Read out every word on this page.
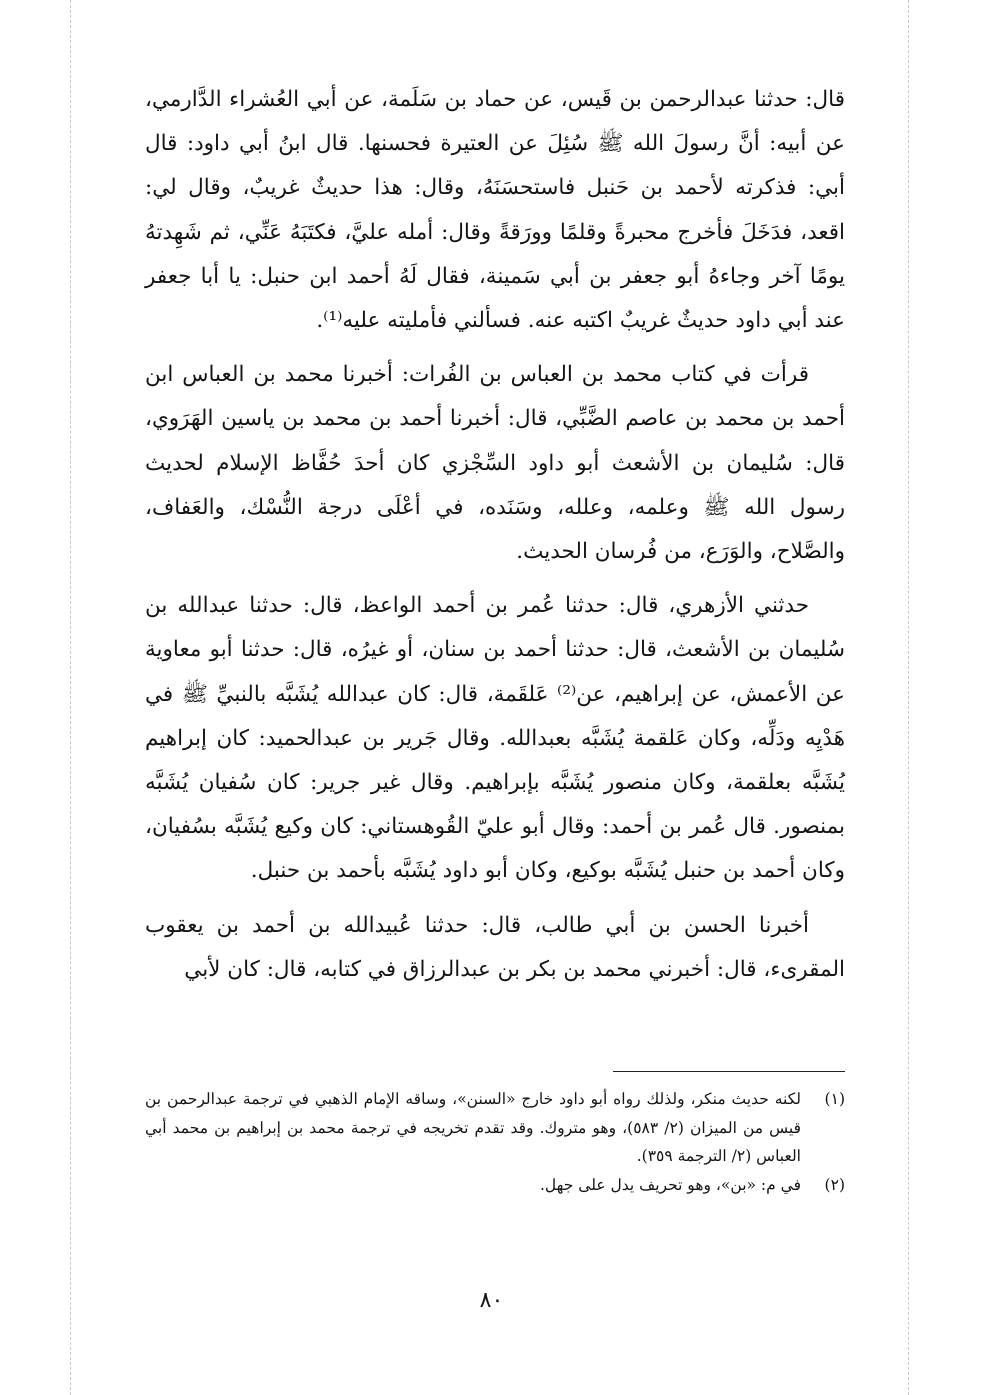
قال: حدثنا عبدالرحمن بن قَيس، عن حماد بن سَلَمة، عن أبي العُشراء الدَّارمي، عن أبيه: أنَّ رسولَ الله ﷺ سُئِلَ عن العتيرة فحسنها. قال ابنُ أبي داود: قال أبي: فذكرته لأحمد بن حَنبل فاستحسَنَهُ، وقال: هذا حديثٌ غريبٌ، وقال لي: اقعد، فدَخَلَ فأخرج محبرةً وقلمًا وورَقةً وقال: أمله عليَّ، فكتَبَهُ عَنِّي، ثم شَهِدتهُ يومًا آخر وجاءهُ أبو جعفر بن أبي سَمينة، فقال لَهُ أحمد ابن حنبل: يا أبا جعفر عند أبي داود حديثٌ غريبٌ اكتبه عنه. فسألني فأمليته عليه⁽¹⁾.

قرأت في كتاب محمد بن العباس بن الفُرات: أخبرنا محمد بن العباس ابن أحمد بن محمد بن عاصم الضَّبِّي، قال: أخبرنا أحمد بن محمد بن ياسين الهَرَوي، قال: سُليمان بن الأشعث أبو داود السِّجْزي كان أحدَ حُفَّاظ الإسلام لحديث رسول الله ﷺ وعلمه، وعلله، وسَنَده، في أعْلَى درجة النُّسْك، والعَفاف، والصَّلاح، والوَرَع، من فُرسان الحديث.

حدثني الأزهري، قال: حدثنا عُمر بن أحمد الواعظ، قال: حدثنا عبدالله بن سُليمان بن الأشعث، قال: حدثنا أحمد بن سنان، أو غيرُه، قال: حدثنا أبو معاوية عن الأعمش، عن إبراهيم، عن⁽²⁾ عَلقَمة، قال: كان عبدالله يُشَبَّه بالنبيِّ ﷺ في هَدْيِه ودَلِّه، وكان عَلقمة يُشَبَّه بعبدالله. وقال جَرير بن عبدالحميد: كان إبراهيم يُشَبَّه بعلقمة، وكان منصور يُشَبَّه بإبراهيم. وقال غير جرير: كان سُفيان يُشَبَّه بمنصور. قال عُمر بن أحمد: وقال أبو عليّ القُوهستاني: كان وكيع يُشَبَّه بسُفيان، وكان أحمد بن حنبل يُشَبَّه بوكيع، وكان أبو داود يُشَبَّه بأحمد بن حنبل.

أخبرنا الحسن بن أبي طالب، قال: حدثنا عُبيدالله بن أحمد بن يعقوب المقرىء، قال: أخبرني محمد بن بكر بن عبدالرزاق في كتابه، قال: كان لأبي

(١)
لكنه حديث منكر، ولذلك رواه أبو داود خارج «السنن»، وساقه الإمام الذهبي في ترجمة عبدالرحمن بن قيس من الميزان (٢/ ٥٨٣)، وهو متروك. وقد تقدم تخريجه في ترجمة محمد بن إبراهيم بن محمد أبي العباس (٢/ الترجمة ٣٥٩).
(٢)
في م: «بن»، وهو تحريف يدل على جهل.
٨٠
